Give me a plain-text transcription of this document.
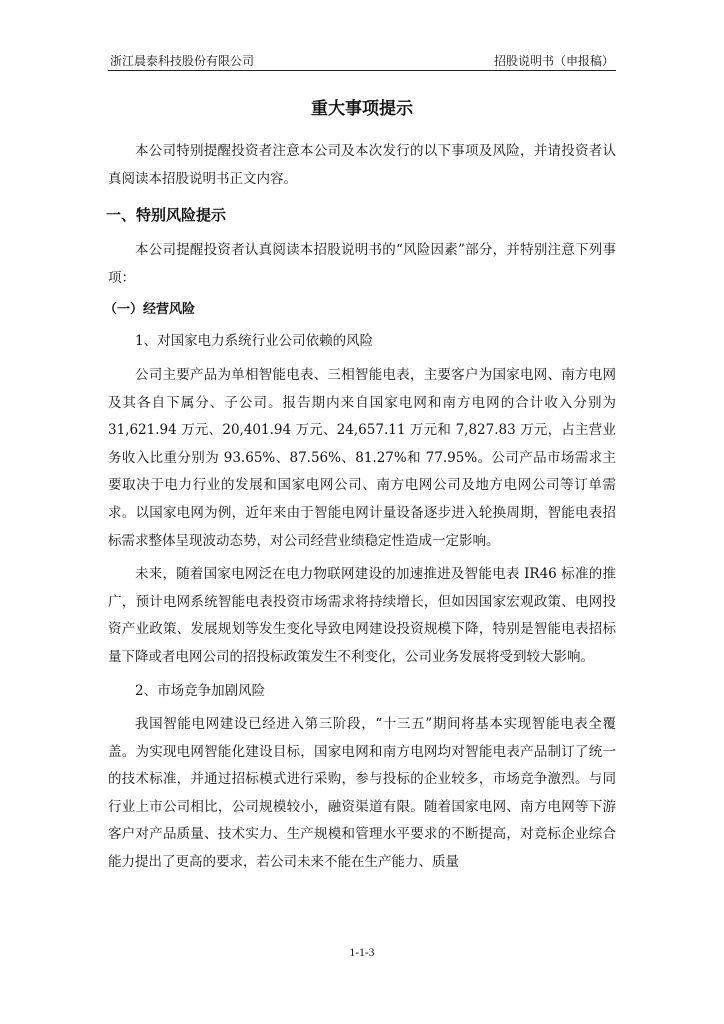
浙江晨泰科技股份有限公司	招股说明书（申报稿）
重大事项提示

本公司特别提醒投资者注意本公司及本次发行的以下事项及风险，并请投资者认真阅读本招股说明书正文内容。

一、特别风险提示

本公司提醒投资者认真阅读本招股说明书的“风险因素”部分，并特别注意下列事项：

（一）经营风险

1、对国家电力系统行业公司依赖的风险

公司主要产品为单相智能电表、三相智能电表，主要客户为国家电网、南方电网及其各自下属分、子公司。报告期内来自国家电网和南方电网的合计收入分别为 31,621.94 万元、20,401.94 万元、24,657.11 万元和 7,827.83 万元，占主营业务收入比重分别为 93.65%、87.56%、81.27%和 77.95%。公司产品市场需求主要取决于电力行业的发展和国家电网公司、南方电网公司及地方电网公司等订单需求。以国家电网为例，近年来由于智能电网计量设备逐步进入轮换周期，智能电表招标需求整体呈现波动态势，对公司经营业绩稳定性造成一定影响。

未来，随着国家电网泛在电力物联网建设的加速推进及智能电表 IR46 标准的推广，预计电网系统智能电表投资市场需求将持续增长，但如因国家宏观政策、电网投资产业政策、发展规划等发生变化导致电网建设投资规模下降，特别是智能电表招标量下降或者电网公司的招投标政策发生不利变化，公司业务发展将受到较大影响。

2、市场竞争加剧风险

我国智能电网建设已经进入第三阶段，“十三五”期间将基本实现智能电表全覆盖。为实现电网智能化建设目标，国家电网和南方电网均对智能电表产品制订了统一的技术标准，并通过招标模式进行采购，参与投标的企业较多，市场竞争激烈。与同行业上市公司相比，公司规模较小，融资渠道有限。随着国家电网、南方电网等下游客户对产品质量、技术实力、生产规模和管理水平要求的不断提高，对竞标企业综合能力提出了更高的要求，若公司未来不能在生产能力、质量

1-1-3
